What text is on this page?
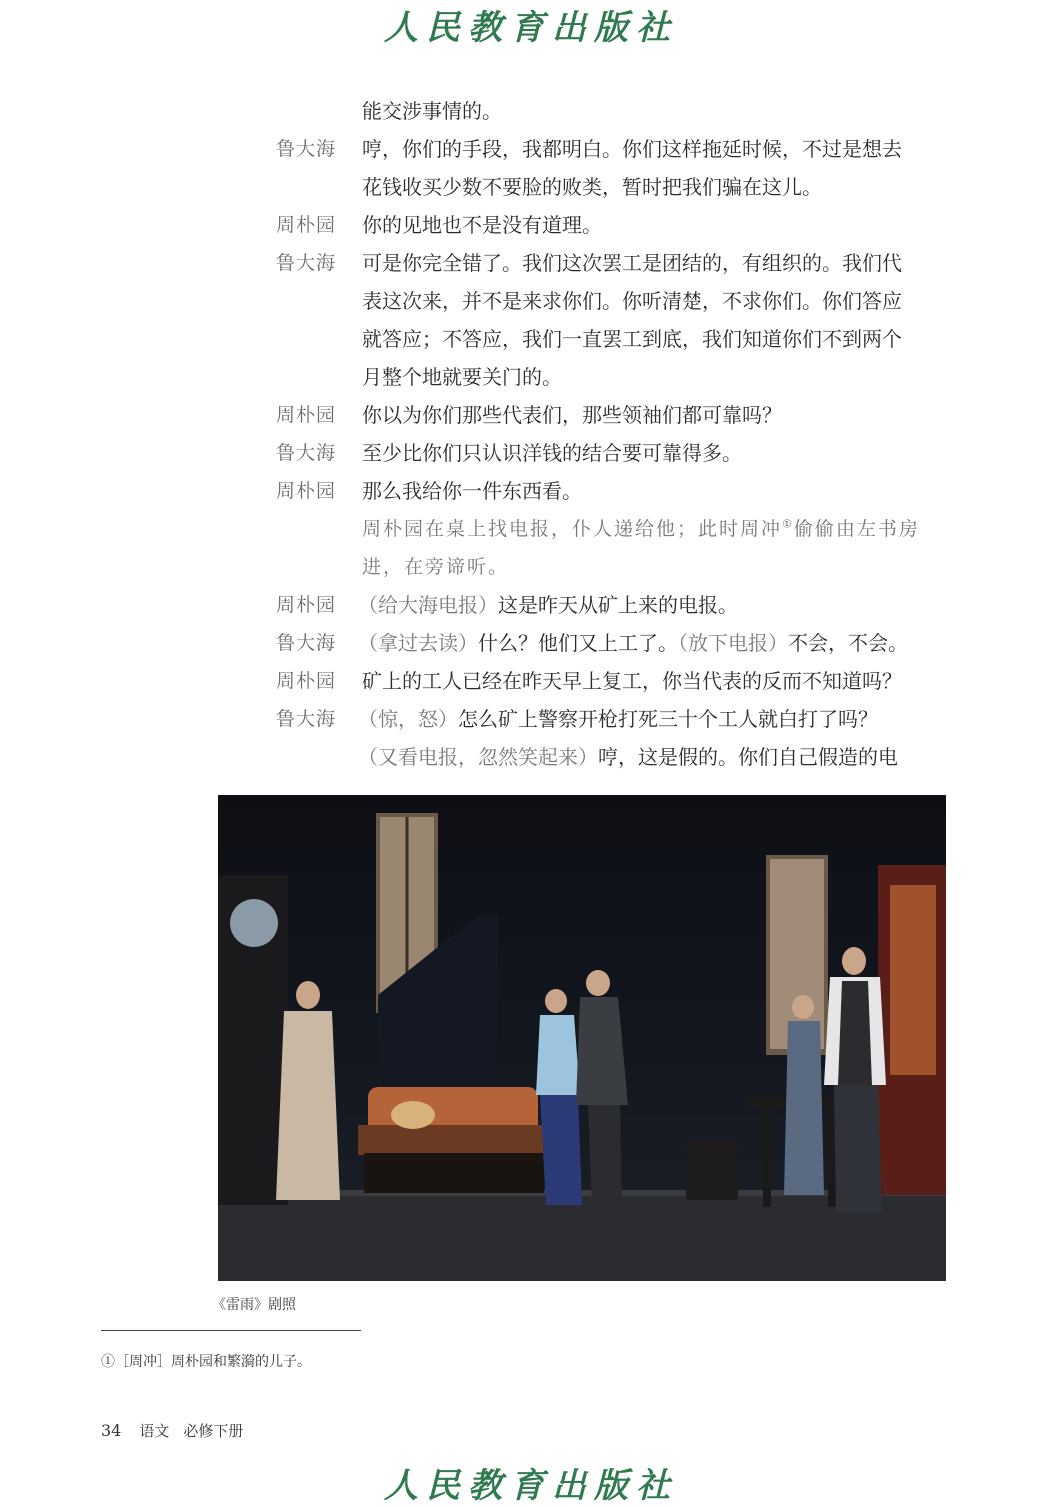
人民教育出版社
能交涉事情的。
鲁大海 哼，你们的手段，我都明白。你们这样拖延时候，不过是想去
花钱收买少数不要脸的败类，暂时把我们骗在这儿。
周朴园 你的见地也不是没有道理。
鲁大海 可是你完全错了。我们这次罢工是团结的，有组织的。我们代
表这次来，并不是来求你们。你听清楚，不求你们。你们答应
就答应；不答应，我们一直罢工到底，我们知道你们不到两个
月整个地就要关门的。
周朴园 你以为你们那些代表们，那些领袖们都可靠吗？
鲁大海 至少比你们只认识洋钱的结合要可靠得多。
周朴园 那么我给你一件东西看。
周朴园在桌上找电报，仆人递给他；此时周冲①偷偷由左书房
进，在旁谛听。
周朴园 （给大海电报）这是昨天从矿上来的电报。
鲁大海 （拿过去读）什么？他们又上工了。（放下电报）不会，不会。
周朴园 矿上的工人已经在昨天早上复工，你当代表的反而不知道吗？
鲁大海 （惊，怒）怎么矿上警察开枪打死三十个工人就白打了吗？
（又看电报，忽然笑起来）哼，这是假的。你们自己假造的电
《雷雨》剧照
①［周冲］周朴园和繁漪的儿子。
34 语文 必修下册
人民教育出版社
